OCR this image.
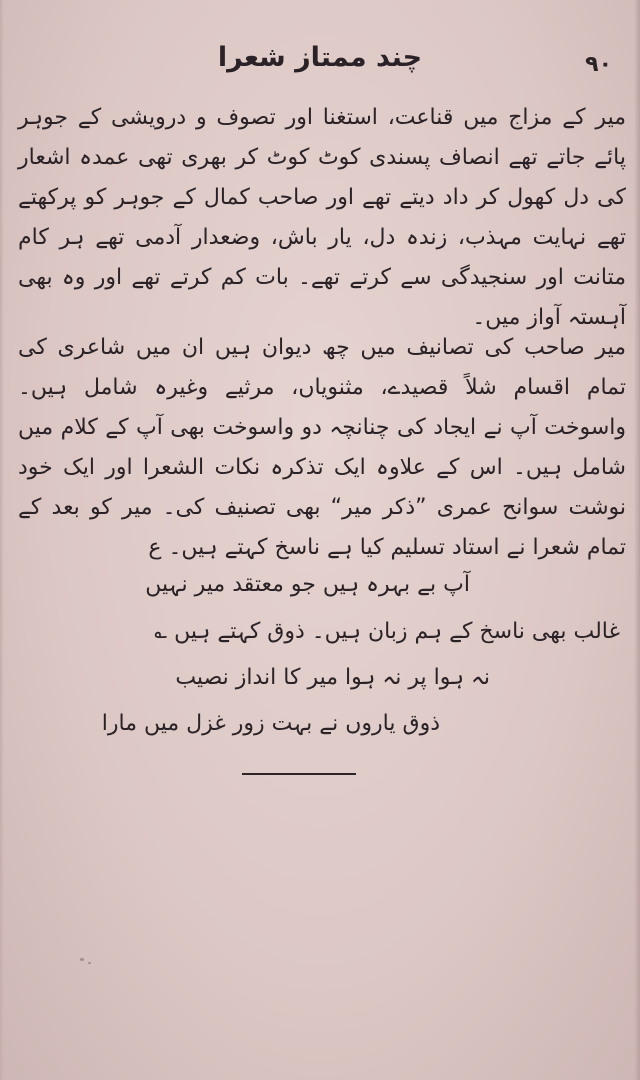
چند ممتاز شعرا	۹۰

میر کے مزاج میں قناعت، استغنا اور تصوف و درویشی کے جوہر پائے جاتے تھے انصاف پسندی کوٹ کوٹ کر بھری تھی عمدہ اشعار کی دل کھول کر داد دیتے تھے اور صاحب کمال کے جوہر کو پرکھتے تھے نہایت مہذب، زندہ دل، یار باش، وضعدار آدمی تھے ہر کام متانت اور سنجیدگی سے کرتے تھے۔ بات کم کرتے تھے اور وہ بھی آہستہ آواز میں۔

میر صاحب کی تصانیف میں چھ دیوان ہیں ان میں شاعری کی تمام اقسام شلاً قصیدے، مثنویاں، مرثیے وغیرہ شامل ہیں۔ واسوخت آپ نے ایجاد کی چنانچہ دو واسوخت بھی آپ کے کلام میں شامل ہیں۔ اس کے علاوہ ایک تذکرہ نکات الشعرا اور ایک خود نوشت سوانح عمری ”ذکر میر“ بھی تصنیف کی۔ میر کو بعد کے تمام شعرا نے استاد تسلیم کیا ہے ناسخ کہتے ہیں۔ ع

آپ بے بہرہ ہیں جو معتقد میر نہیں
غالب بھی ناسخ کے ہم زبان ہیں۔ ذوق کہتے ہیں ؎
نہ ہوا پر نہ ہوا میر کا انداز نصیب
ذوق یاروں نے بہت زور غزل میں مارا
